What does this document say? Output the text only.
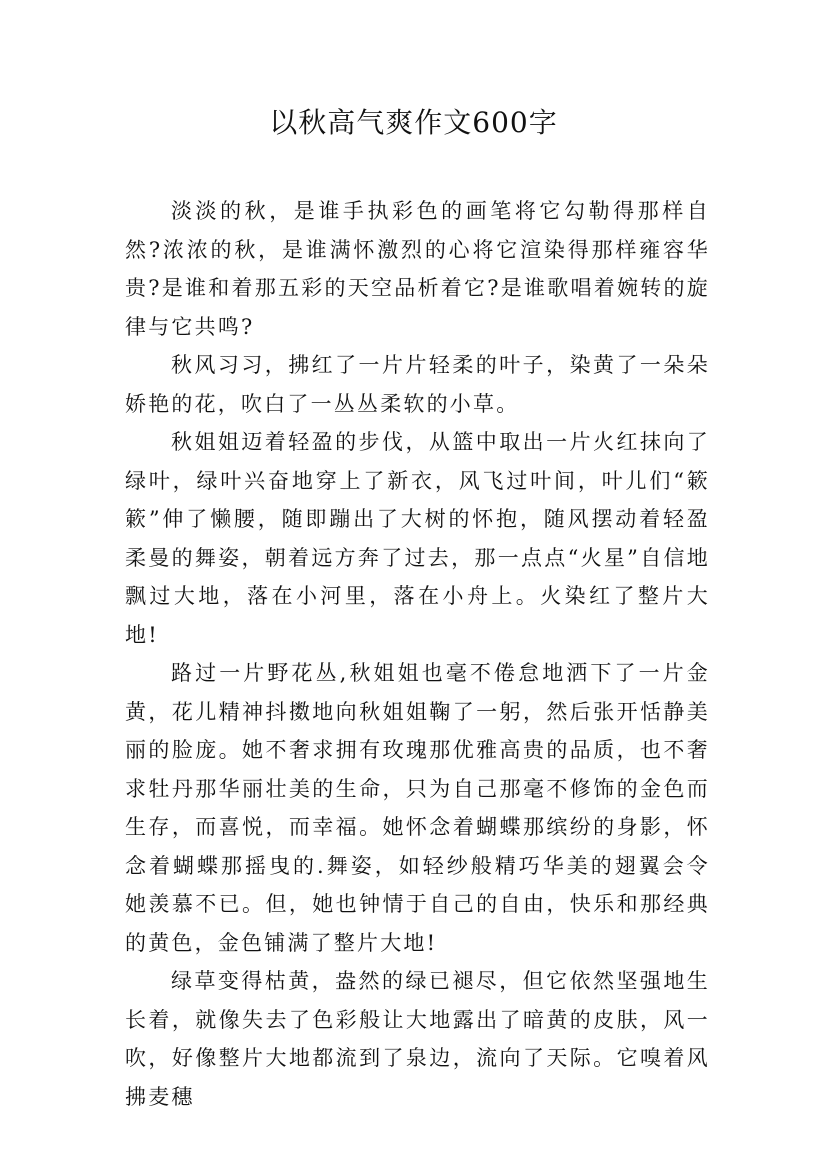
以秋高气爽作文600字

淡淡的秋，是谁手执彩色的画笔将它勾勒得那样自然?浓浓的秋，是谁满怀激烈的心将它渲染得那样雍容华贵?是谁和着那五彩的天空品析着它?是谁歌唱着婉转的旋律与它共鸣?

秋风习习，拂红了一片片轻柔的叶子，染黄了一朵朵娇艳的花，吹白了一丛丛柔软的小草。

秋姐姐迈着轻盈的步伐，从篮中取出一片火红抹向了绿叶，绿叶兴奋地穿上了新衣，风飞过叶间，叶儿们“簌簌”伸了懒腰，随即蹦出了大树的怀抱，随风摆动着轻盈柔曼的舞姿，朝着远方奔了过去，那一点点“火星”自信地飘过大地，落在小河里，落在小舟上。火染红了整片大地!

路过一片野花丛,秋姐姐也毫不倦怠地洒下了一片金黄，花儿精神抖擞地向秋姐姐鞠了一躬，然后张开恬静美丽的脸庞。她不奢求拥有玫瑰那优雅高贵的品质，也不奢求牡丹那华丽壮美的生命，只为自己那毫不修饰的金色而生存，而喜悦，而幸福。她怀念着蝴蝶那缤纷的身影，怀念着蝴蝶那摇曳的.舞姿，如轻纱般精巧华美的翅翼会令她羡慕不已。但，她也钟情于自己的自由，快乐和那经典的黄色，金色铺满了整片大地!

绿草变得枯黄，盎然的绿已褪尽，但它依然坚强地生长着，就像失去了色彩般让大地露出了暗黄的皮肤，风一吹，好像整片大地都流到了泉边，流向了天际。它嗅着风拂麦穗
